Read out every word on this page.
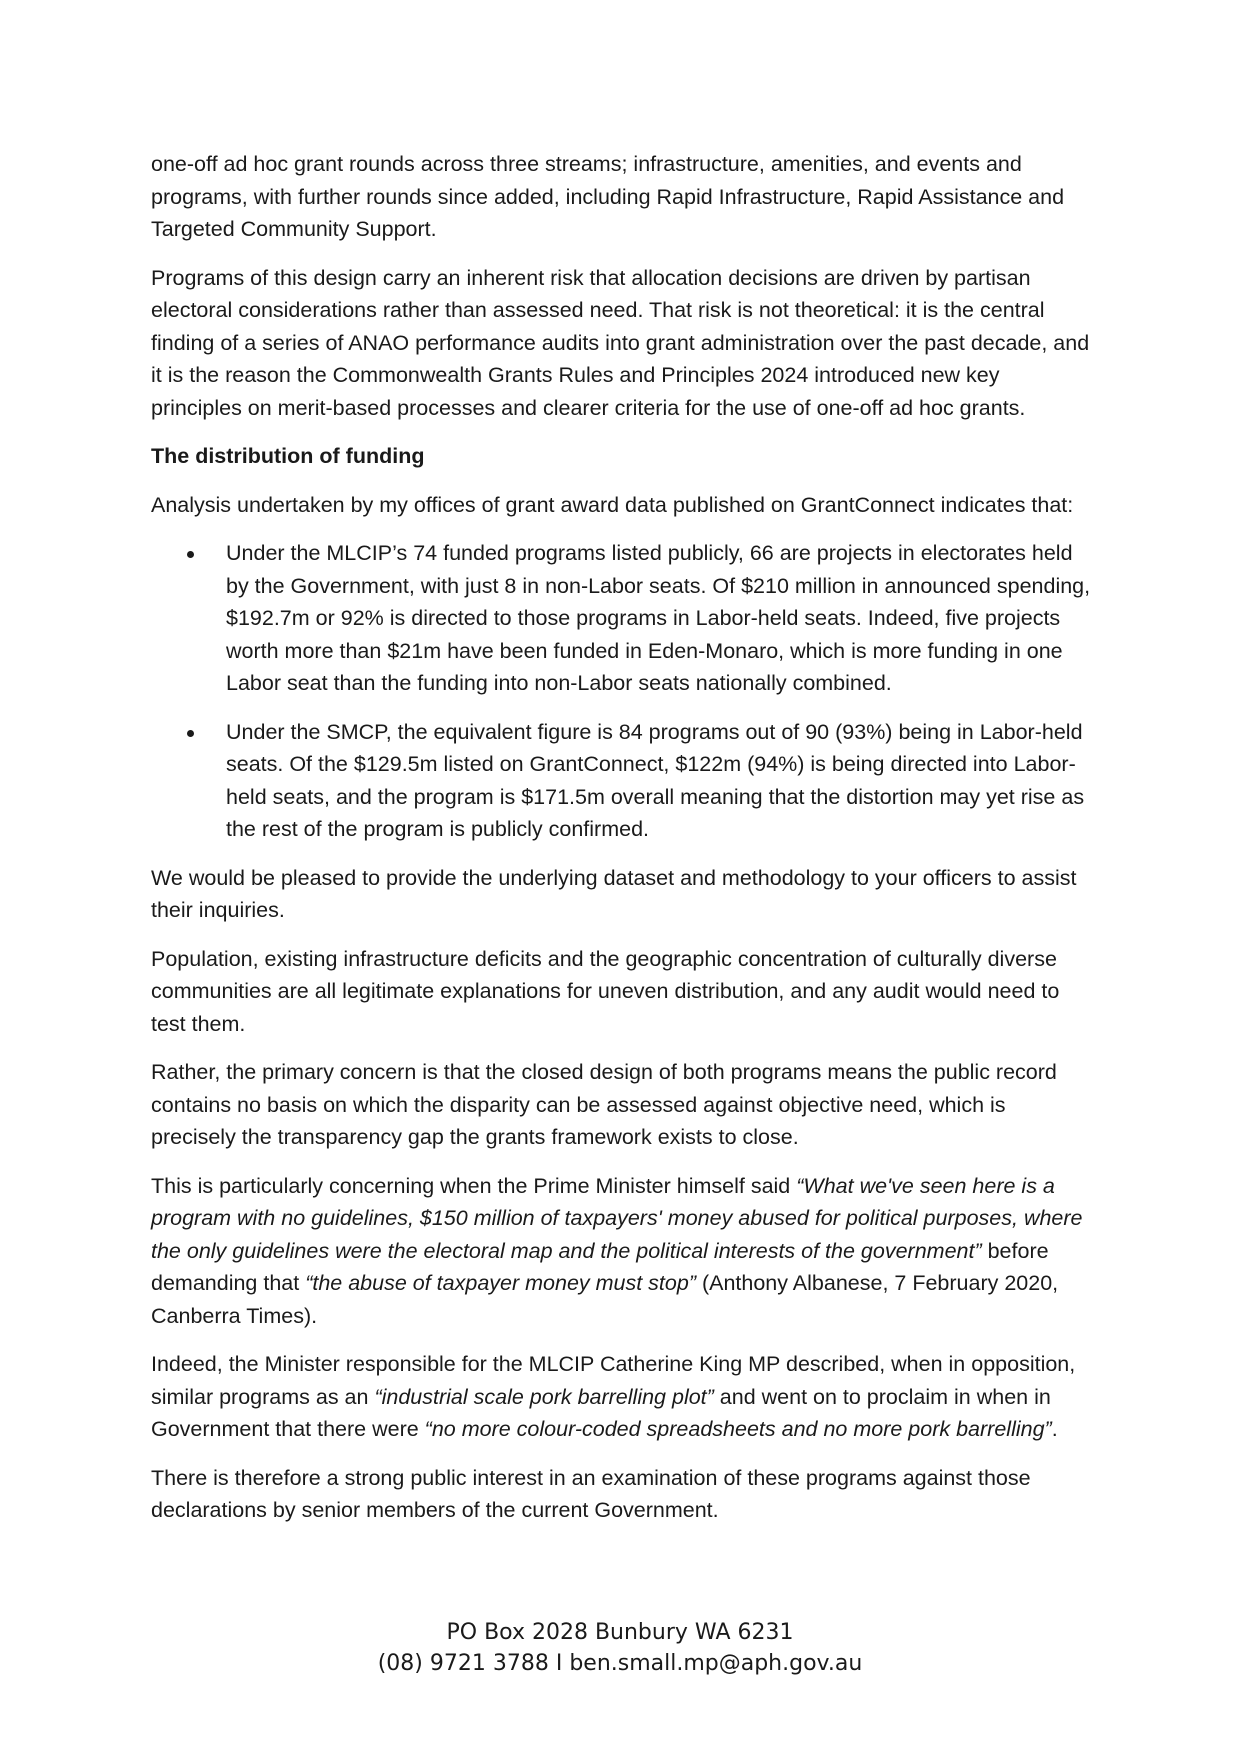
one-off ad hoc grant rounds across three streams; infrastructure, amenities, and events and programs, with further rounds since added, including Rapid Infrastructure, Rapid Assistance and Targeted Community Support.

Programs of this design carry an inherent risk that allocation decisions are driven by partisan electoral considerations rather than assessed need. That risk is not theoretical: it is the central finding of a series of ANAO performance audits into grant administration over the past decade, and it is the reason the Commonwealth Grants Rules and Principles 2024 introduced new key principles on merit-based processes and clearer criteria for the use of one-off ad hoc grants.

The distribution of funding

Analysis undertaken by my offices of grant award data published on GrantConnect indicates that:

Under the MLCIP’s 74 funded programs listed publicly, 66 are projects in electorates held by the Government, with just 8 in non-Labor seats. Of $210 million in announced spending, $192.7m or 92% is directed to those programs in Labor-held seats. Indeed, five projects worth more than $21m have been funded in Eden-Monaro, which is more funding in one Labor seat than the funding into non-Labor seats nationally combined.
Under the SMCP, the equivalent figure is 84 programs out of 90 (93%) being in Labor-held seats. Of the $129.5m listed on GrantConnect, $122m (94%) is being directed into Labor-held seats, and the program is $171.5m overall meaning that the distortion may yet rise as the rest of the program is publicly confirmed.

We would be pleased to provide the underlying dataset and methodology to your officers to assist their inquiries.

Population, existing infrastructure deficits and the geographic concentration of culturally diverse communities are all legitimate explanations for uneven distribution, and any audit would need to test them.

Rather, the primary concern is that the closed design of both programs means the public record contains no basis on which the disparity can be assessed against objective need, which is precisely the transparency gap the grants framework exists to close.

This is particularly concerning when the Prime Minister himself said “What we've seen here is a program with no guidelines, $150 million of taxpayers' money abused for political purposes, where the only guidelines were the electoral map and the political interests of the government” before demanding that “the abuse of taxpayer money must stop” (Anthony Albanese, 7 February 2020, Canberra Times).

Indeed, the Minister responsible for the MLCIP Catherine King MP described, when in opposition, similar programs as an “industrial scale pork barrelling plot” and went on to proclaim in when in Government that there were “no more colour-coded spreadsheets and no more pork barrelling”.

There is therefore a strong public interest in an examination of these programs against those declarations by senior members of the current Government.

PO Box 2028 Bunbury WA 6231
(08) 9721 3788 I ben.small.mp@aph.gov.au
